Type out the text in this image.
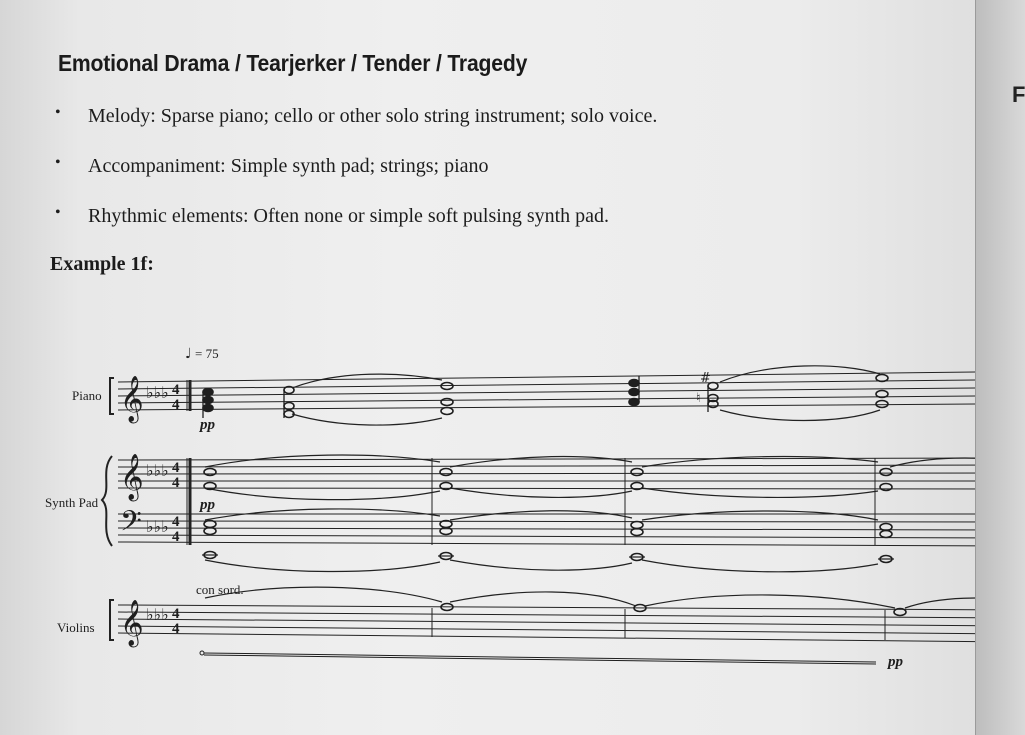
Emotional Drama / Tearjerker / Tender / Tragedy
• Melody: Sparse piano; cello or other solo string instrument; solo voice.
• Accompaniment: Simple synth pad; strings; piano
• Rhythmic elements: Often none or simple soft pulsing synth pad.
Example 1f:
𝄞
𝄞
𝄢
𝄞
♭♭♭
♭♭♭
♭♭♭
♭♭♭
4
4
4
4
4
4
4
4
#
♮
♩ = 75
Piano
Synth Pad
Violins
pp
pp
pp
con sord.
F
